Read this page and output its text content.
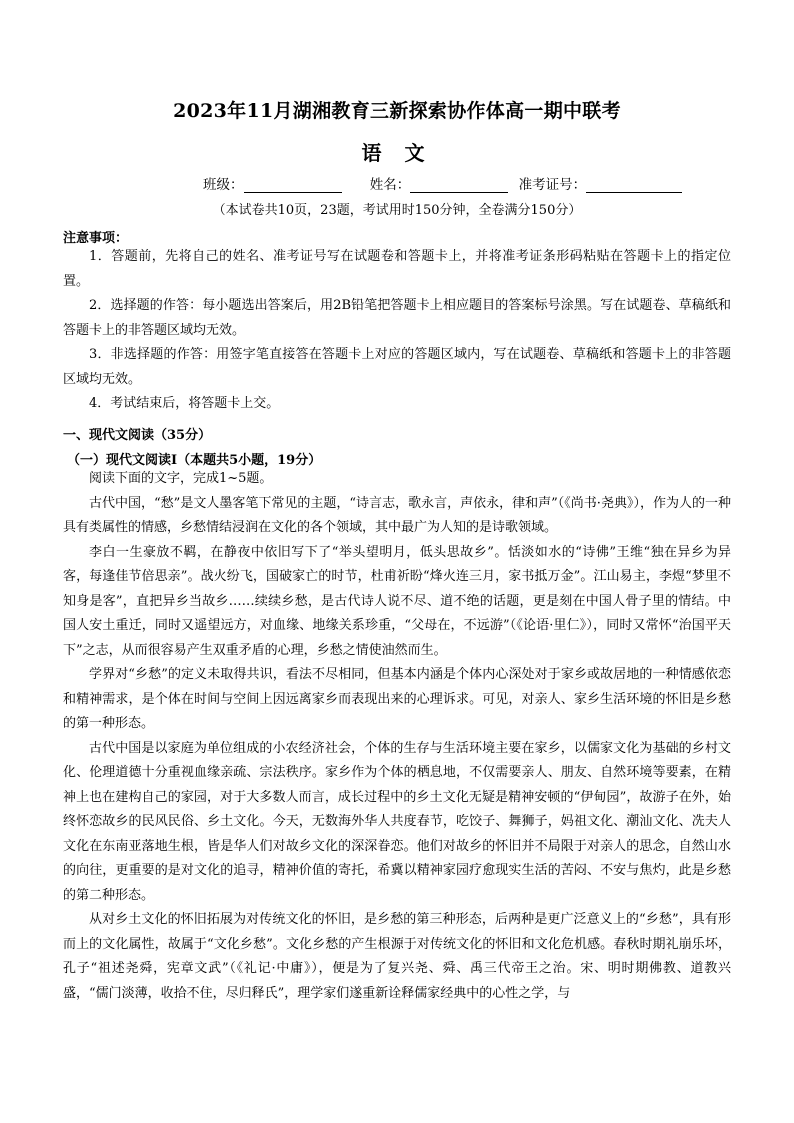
2023年11月湖湘教育三新探索协作体高一期中联考
语 文
班级：	姓名：	准考证号：
（本试卷共10页，23题，考试用时150分钟，全卷满分150分）
注意事项：

1．答题前，先将自己的姓名、准考证号写在试题卷和答题卡上，并将准考证条形码粘贴在答题卡上的指定位置。

2．选择题的作答：每小题选出答案后，用2B铅笔把答题卡上相应题目的答案标号涂黑。写在试题卷、草稿纸和答题卡上的非答题区域均无效。

3．非选择题的作答：用签字笔直接答在答题卡上对应的答题区域内，写在试题卷、草稿纸和答题卡上的非答题区域均无效。

4．考试结束后，将答题卡上交。

一、现代文阅读（35分）
（一）现代文阅读Ⅰ（本题共5小题，19分）

阅读下面的文字，完成1~5题。

古代中国，“愁”是文人墨客笔下常见的主题，“诗言志，歌永言，声依永，律和声”（《尚书·尧典》），作为人的一种具有类属性的情感，乡愁情结浸润在文化的各个领域，其中最广为人知的是诗歌领域。

李白一生豪放不羁，在静夜中依旧写下了“举头望明月，低头思故乡”。恬淡如水的“诗佛”王维“独在异乡为异客，每逢佳节倍思亲”。战火纷飞，国破家亡的时节，杜甫祈盼“烽火连三月，家书抵万金”。江山易主，李煜“梦里不知身是客”，直把异乡当故乡……续续乡愁，是古代诗人说不尽、道不绝的话题，更是刻在中国人骨子里的情结。中国人安土重迁，同时又遥望远方，对血缘、地缘关系珍重，“父母在，不远游”（《论语·里仁》），同时又常怀“治国平天下”之志，从而很容易产生双重矛盾的心理，乡愁之情使油然而生。

学界对“乡愁”的定义未取得共识，看法不尽相同，但基本内涵是个体内心深处对于家乡或故居地的一种情感依恋和精神需求，是个体在时间与空间上因远离家乡而表现出来的心理诉求。可见，对亲人、家乡生活环境的怀旧是乡愁的第一种形态。

古代中国是以家庭为单位组成的小农经济社会，个体的生存与生活环境主要在家乡，以儒家文化为基础的乡村文化、伦理道德十分重视血缘亲疏、宗法秩序。家乡作为个体的栖息地，不仅需要亲人、朋友、自然环境等要素，在精神上也在建构自己的家园，对于大多数人而言，成长过程中的乡土文化无疑是精神安顿的“伊甸园”，故游子在外，始终怀恋故乡的民风民俗、乡土文化。今天，无数海外华人共度春节，吃饺子、舞狮子，妈祖文化、潮汕文化、冼夫人文化在东南亚落地生根，皆是华人们对故乡文化的深深眷恋。他们对故乡的怀旧并不局限于对亲人的思念，自然山水的向往，更重要的是对文化的追寻，精神价值的寄托，希冀以精神家园疗愈现实生活的苦闷、不安与焦灼，此是乡愁的第二种形态。

从对乡土文化的怀旧拓展为对传统文化的怀旧，是乡愁的第三种形态，后两种是更广泛意义上的“乡愁”，具有形而上的文化属性，故属于“文化乡愁”。文化乡愁的产生根源于对传统文化的怀旧和文化危机感。春秋时期礼崩乐坏，孔子“祖述尧舜，宪章文武”（《礼记·中庸》），便是为了复兴尧、舜、禹三代帝王之治。宋、明时期佛教、道教兴盛，“儒门淡薄，收拾不住，尽归释氏”，理学家们遂重新诠释儒家经典中的心性之学，与
